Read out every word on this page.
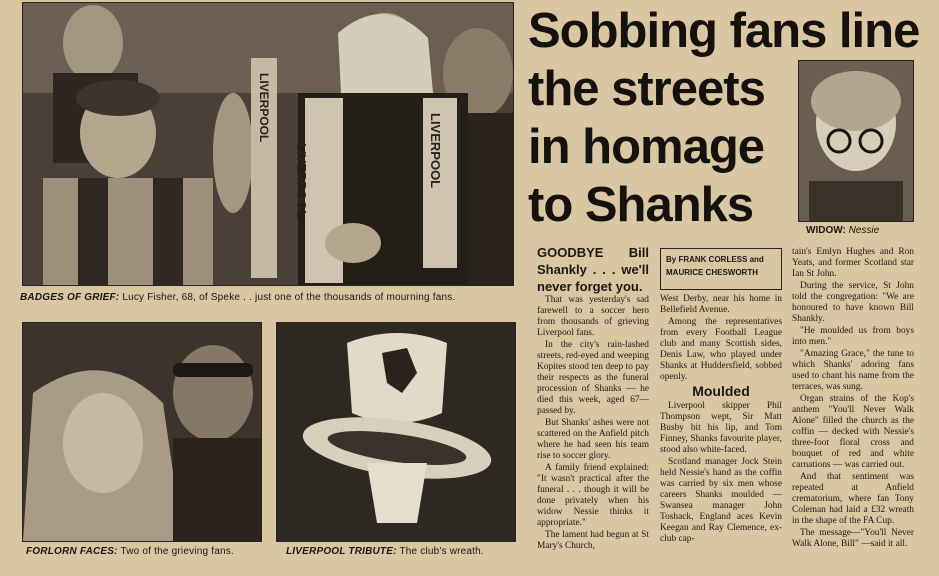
LIVERPOOL	LIVERPOOL
LIVERPOOL
BADGES OF GRIEF: Lucy Fisher, 68, of Speke . . just one of the thousands of mourning fans.
FORLORN FACES: Two of the grieving fans.	LIVERPOOL TRIBUTE: The club's wreath.
Sobbing fans line
the streets
in homage
to Shanks	WIDOW: Nessie
By FRANK CORLESS and
MAURICE CHESWORTH
GOODBYE Bill Shankly . . . we'll never forget you.

That was yesterday's sad farewell to a soccer hero from thousands of grieving Liverpool fans.

In the city's rain-lashed streets, red-eyed and weeping Kopites stood ten deep to pay their respects as the funeral procession of Shanks — he died this week, aged 67—passed by.

But Shanks' ashes were not scattered on the Anfield pitch where he had seen his team rise to soccer glory.

A family friend explained: "It wasn't practical after the funeral . . . though it will be done privately when his widow Nessie thinks it appropriate."

The lament had begun at St Mary's Church,

West Derby, near his home in Bellefield Avenue.

Among the representatives from every Football League club and many Scottish sides, Denis Law, who played under Shanks at Huddersfield, sobbed openly.

Moulded

Liverpool skipper Phil Thompson wept, Sir Matt Busby bit his lip, and Tom Finney, Shanks favourite player, stood also white-faced.

Scotland manager Jock Stein held Nessie's hand as the coffin was carried by six men whose careers Shanks moulded — Swansea manager John Toshack, England aces Kevin Keegan and Ray Clemence, ex-club cap-

tain's Emlyn Hughes and Ron Yeats, and former Scotland star Ian St John.

During the service, St John told the congregation: "We are honoured to have known Bill Shankly.

"He moulded us from boys into men."

"Amazing Grace," the tune to which Shanks' adoring fans used to chant his name from the terraces, was sung.

Organ strains of the Kop's anthem "You'll Never Walk Alone" filled the church as the coffin — decked with Nessie's three-foot floral cross and bouquet of red and white carnations — was carried out.

And that sentiment was repeated at Anfield crematorium, where fan Tony Coleman had laid a £32 wreath in the shape of the FA Cup.

The message—"You'll Never Walk Alone, Bill" —said it all.
